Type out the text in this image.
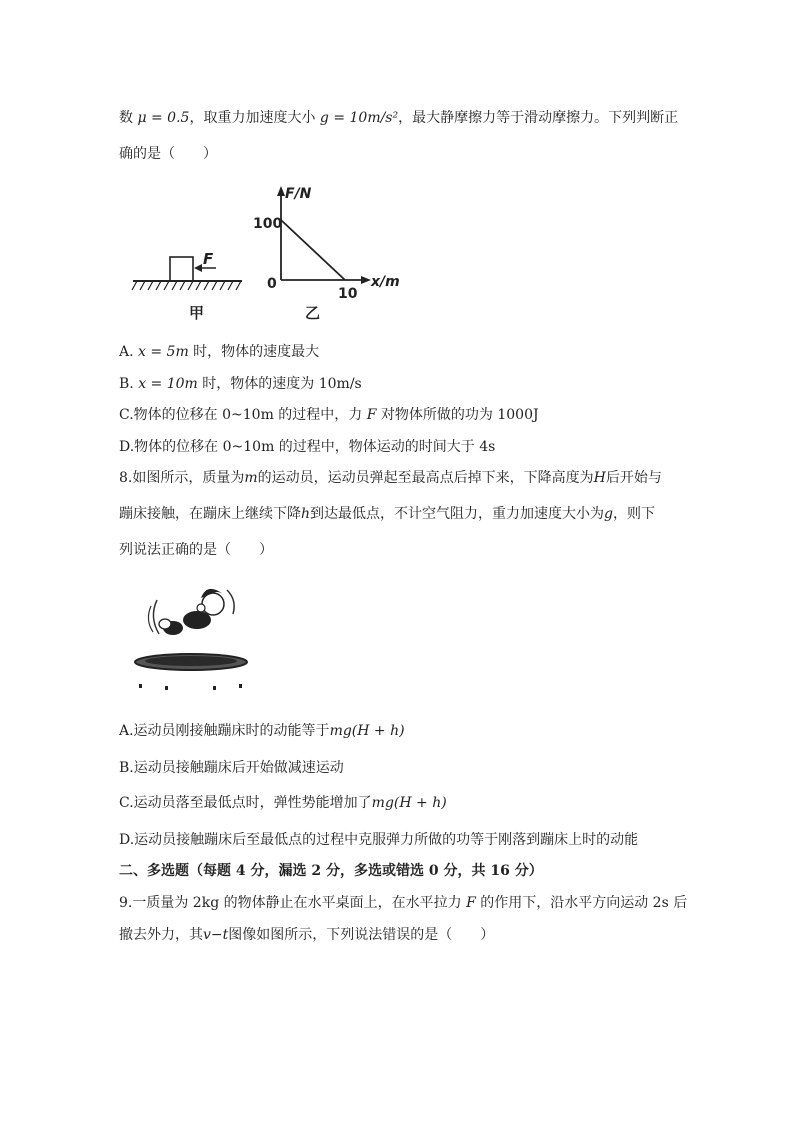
数 μ = 0.5，取重力加速度大小 g = 10m/s²，最大静摩擦力等于滑动摩擦力。下列判断正
确的是（　　）
F
甲
F/N
x/m
100
0
10
乙
A. x = 5m 时，物体的速度最大
B. x = 10m 时，物体的速度为 10m/s
C.物体的位移在 0~10m 的过程中，力 F 对物体所做的功为 1000J
D.物体的位移在 0~10m 的过程中，物体运动的时间大于 4s
8.如图所示，质量为m的运动员，运动员弹起至最高点后掉下来，下降高度为H后开始与
蹦床接触，在蹦床上继续下降h到达最低点，不计空气阻力，重力加速度大小为g，则下
列说法正确的是（　　）
A.运动员刚接触蹦床时的动能等于mg(H + h)
B.运动员接触蹦床后开始做减速运动
C.运动员落至最低点时，弹性势能增加了mg(H + h)
D.运动员接触蹦床后至最低点的过程中克服弹力所做的功等于刚落到蹦床上时的动能
二、多选题（每题 4 分，漏选 2 分，多选或错选 0 分，共 16 分）
9.一质量为 2kg 的物体静止在水平桌面上，在水平拉力 F 的作用下，沿水平方向运动 2s 后
撤去外力，其v−t图像如图所示，下列说法错误的是（　　）
